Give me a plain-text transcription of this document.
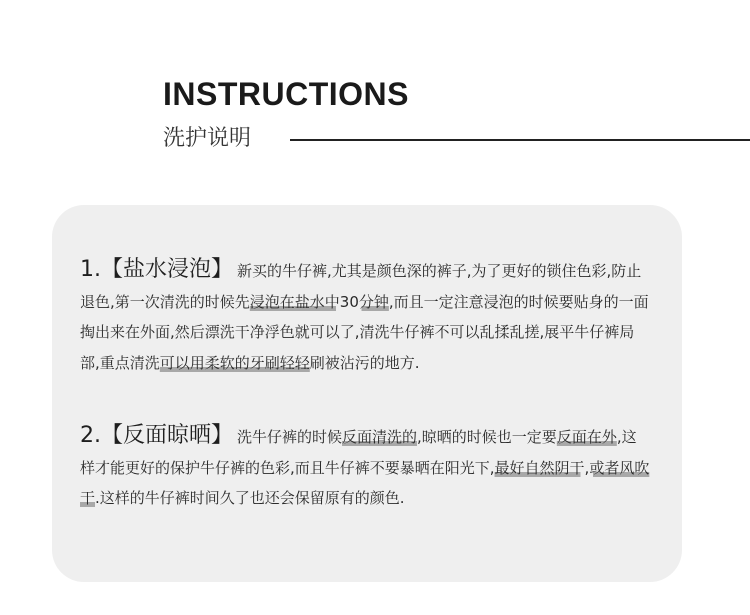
INSTRUCTIONS
洗护说明
1.【盐水浸泡】 新买的牛仔裤,尤其是颜色深的裤子,为了更好的锁住色彩,防止退色,第一次清洗的时候先浸泡在盐水中30分钟,而且一定注意浸泡的时候要贴身的一面掏出来在外面,然后漂洗干净浮色就可以了,清洗牛仔裤不可以乱揉乱搓,展平牛仔裤局部,重点清洗可以用柔软的牙刷轻轻刷被沾污的地方.
2.【反面晾晒】 洗牛仔裤的时候反面清洗的,晾晒的时候也一定要反面在外,这样才能更好的保护牛仔裤的色彩,而且牛仔裤不要暴晒在阳光下,最好自然阴干,或者风吹干.这样的牛仔裤时间久了也还会保留原有的颜色.
